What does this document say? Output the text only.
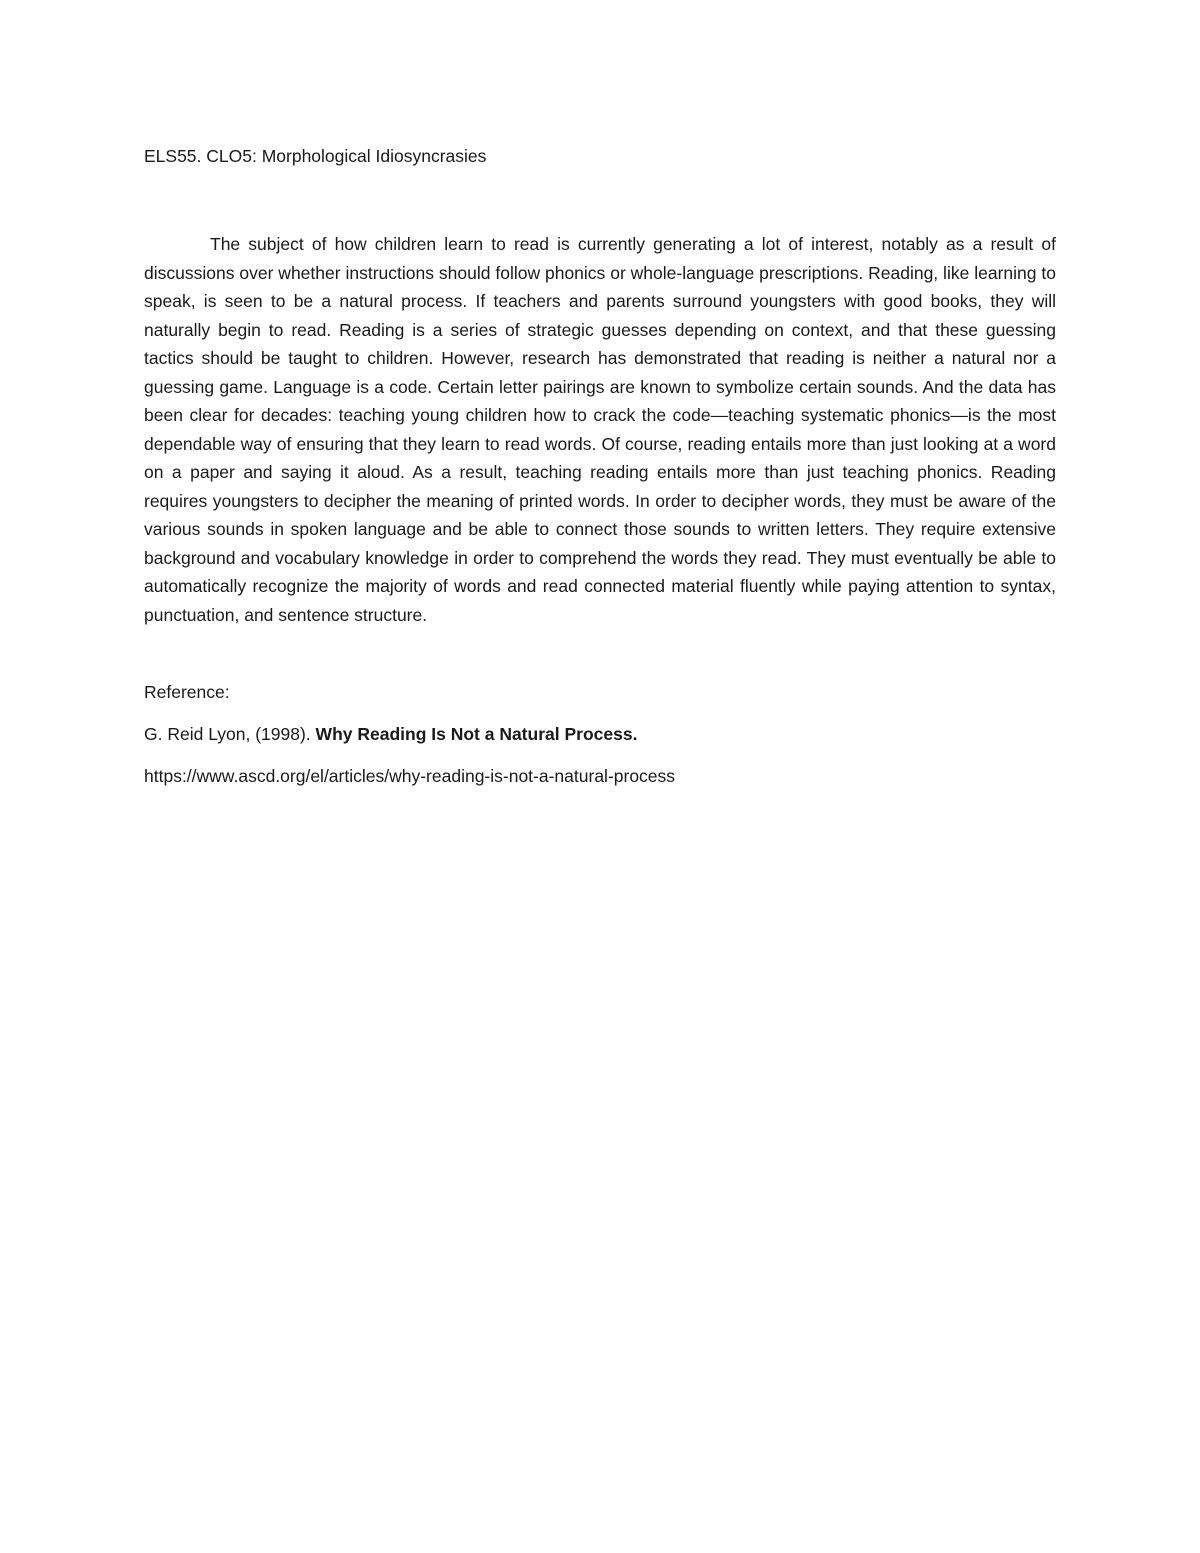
ELS55. CLO5: Morphological Idiosyncrasies

The subject of how children learn to read is currently generating a lot of interest, notably as a result of discussions over whether instructions should follow phonics or whole-language prescriptions. Reading, like learning to speak, is seen to be a natural process. If teachers and parents surround youngsters with good books, they will naturally begin to read. Reading is a series of strategic guesses depending on context, and that these guessing tactics should be taught to children. However, research has demonstrated that reading is neither a natural nor a guessing game. Language is a code. Certain letter pairings are known to symbolize certain sounds. And the data has been clear for decades: teaching young children how to crack the code—teaching systematic phonics—is the most dependable way of ensuring that they learn to read words. Of course, reading entails more than just looking at a word on a paper and saying it aloud. As a result, teaching reading entails more than just teaching phonics. Reading requires youngsters to decipher the meaning of printed words. In order to decipher words, they must be aware of the various sounds in spoken language and be able to connect those sounds to written letters. They require extensive background and vocabulary knowledge in order to comprehend the words they read. They must eventually be able to automatically recognize the majority of words and read connected material fluently while paying attention to syntax, punctuation, and sentence structure.

Reference:

G. Reid Lyon, (1998). Why Reading Is Not a Natural Process.

https://www.ascd.org/el/articles/why-reading-is-not-a-natural-process
